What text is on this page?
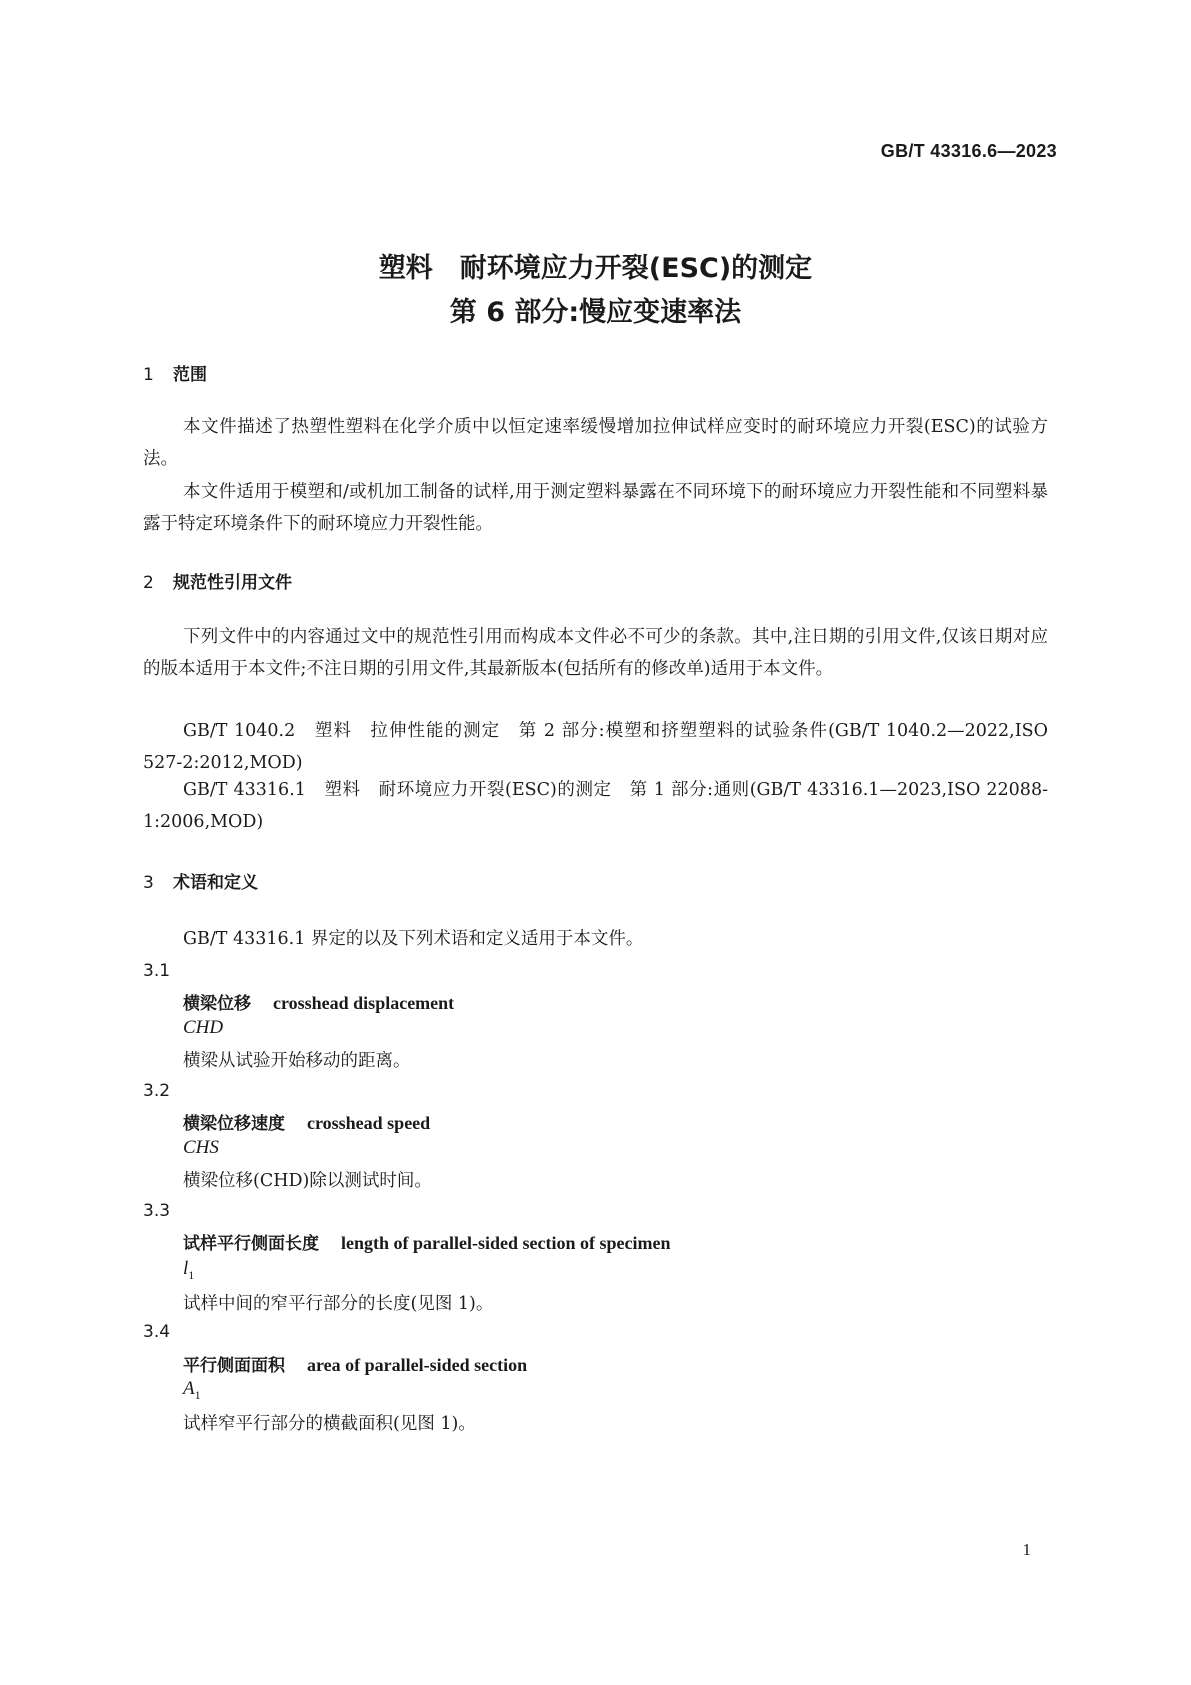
GB/T 43316.6—2023
塑料　耐环境应力开裂(ESC)的测定
第 6 部分:慢应变速率法
1 范围
本文件描述了热塑性塑料在化学介质中以恒定速率缓慢增加拉伸试样应变时的耐环境应力开裂(ESC)的试验方法。
本文件适用于模塑和/或机加工制备的试样,用于测定塑料暴露在不同环境下的耐环境应力开裂性能和不同塑料暴露于特定环境条件下的耐环境应力开裂性能。
2 规范性引用文件
下列文件中的内容通过文中的规范性引用而构成本文件必不可少的条款。其中,注日期的引用文件,仅该日期对应的版本适用于本文件;不注日期的引用文件,其最新版本(包括所有的修改单)适用于本文件。
GB/T 1040.2　塑料　拉伸性能的测定　第 2 部分:模塑和挤塑塑料的试验条件(GB/T 1040.2—2022,ISO 527-2:2012,MOD)
GB/T 43316.1　塑料　耐环境应力开裂(ESC)的测定　第 1 部分:通则(GB/T 43316.1—2023,ISO 22088-1:2006,MOD)
3 术语和定义
GB/T 43316.1 界定的以及下列术语和定义适用于本文件。
3.1
横梁位移 crosshead displacement
CHD
横梁从试验开始移动的距离。
3.2
横梁位移速度 crosshead speed
CHS
横梁位移(CHD)除以测试时间。
3.3
试样平行侧面长度 length of parallel-sided section of specimen
$l_1$
试样中间的窄平行部分的长度(见图 1)。
3.4
平行侧面面积 area of parallel-sided section
$A_1$
试样窄平行部分的横截面积(见图 1)。
1
